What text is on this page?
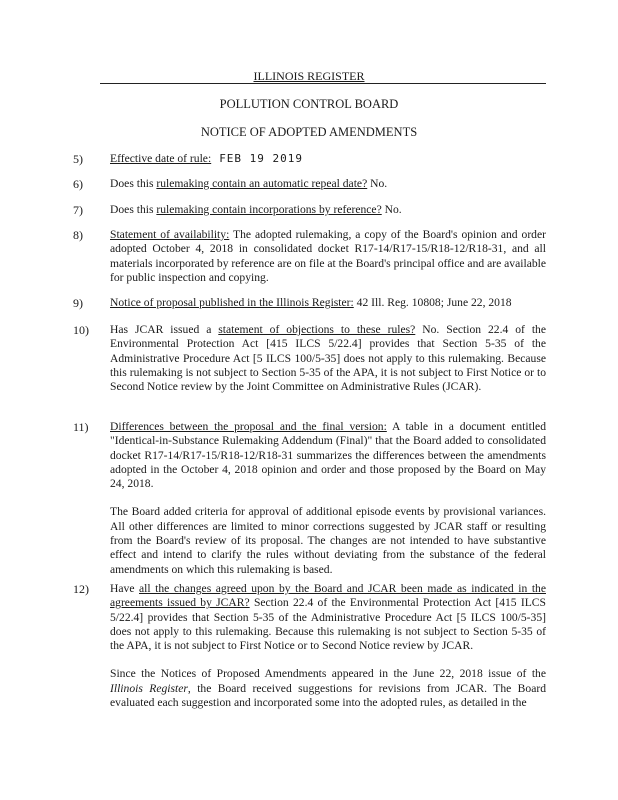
ILLINOIS REGISTER
POLLUTION CONTROL BOARD
NOTICE OF ADOPTED AMENDMENTS
5) Effective date of rule: FEB 19 2019

6) Does this rulemaking contain an automatic repeal date? No.

7) Does this rulemaking contain incorporations by reference? No.

8) Statement of availability: The adopted rulemaking, a copy of the Board's opinion and order adopted October 4, 2018 in consolidated docket R17-14/R17-15/R18-12/R18-31, and all materials incorporated by reference are on file at the Board's principal office and are available for public inspection and copying.

9) Notice of proposal published in the Illinois Register: 42 Ill. Reg. 10808; June 22, 2018

10) Has JCAR issued a statement of objections to these rules? No. Section 22.4 of the Environmental Protection Act [415 ILCS 5/22.4] provides that Section 5-35 of the Administrative Procedure Act [5 ILCS 100/5-35] does not apply to this rulemaking. Because this rulemaking is not subject to Section 5-35 of the APA, it is not subject to First Notice or to Second Notice review by the Joint Committee on Administrative Rules (JCAR).

11) Differences between the proposal and the final version: A table in a document entitled "Identical-in-Substance Rulemaking Addendum (Final)" that the Board added to consolidated docket R17-14/R17-15/R18-12/R18-31 summarizes the differences between the amendments adopted in the October 4, 2018 opinion and order and those proposed by the Board on May 24, 2018.

The Board added criteria for approval of additional episode events by provisional variances. All other differences are limited to minor corrections suggested by JCAR staff or resulting from the Board's review of its proposal. The changes are not intended to have substantive effect and intend to clarify the rules without deviating from the substance of the federal amendments on which this rulemaking is based.

12) Have all the changes agreed upon by the Board and JCAR been made as indicated in the agreements issued by JCAR? Section 22.4 of the Environmental Protection Act [415 ILCS 5/22.4] provides that Section 5-35 of the Administrative Procedure Act [5 ILCS 100/5-35] does not apply to this rulemaking. Because this rulemaking is not subject to Section 5-35 of the APA, it is not subject to First Notice or to Second Notice review by JCAR.

Since the Notices of Proposed Amendments appeared in the June 22, 2018 issue of the Illinois Register, the Board received suggestions for revisions from JCAR. The Board evaluated each suggestion and incorporated some into the adopted rules, as detailed in the
